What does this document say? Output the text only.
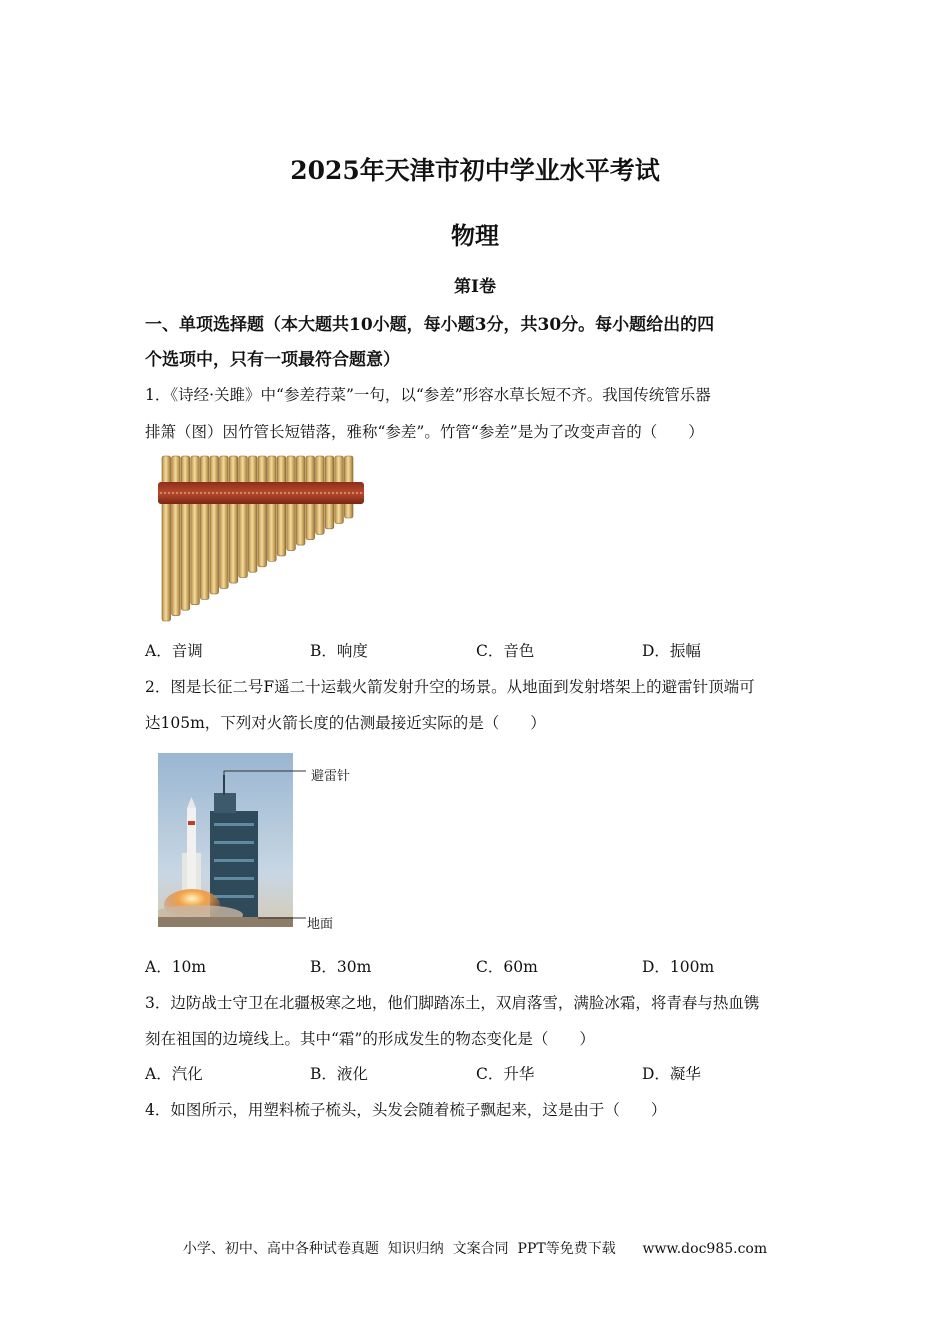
2025年天津市初中学业水平考试
物理
第Ⅰ卷
一、单项选择题（本大题共10小题，每小题3分，共30分。每小题给出的四
个选项中，只有一项最符合题意）
1．《诗经·关雎》中“参差荇菜”一句，以“参差”形容水草长短不齐。我国传统管乐器
排箫（图）因竹管长短错落，雅称“参差”。竹管“参差”是为了改变声音的（　　）
A．音调	B．响度	C．音色	D．振幅
2．图是长征二号F遥二十运载火箭发射升空的场景。从地面到发射塔架上的避雷针顶端可
达105m，下列对火箭长度的估测最接近实际的是（　　）
避雷针
地面
A．10m	B．30m	C．60m	D．100m
3．边防战士守卫在北疆极寒之地，他们脚踏冻土，双肩落雪，满脸冰霜，将青春与热血镌
刻在祖国的边境线上。其中“霜”的形成发生的物态变化是（　　）
A．汽化	B．液化	C．升华	D．凝华
4．如图所示，用塑料梳子梳头，头发会随着梳子飘起来，这是由于（　　）
小学、初中、高中各种试卷真题  知识归纳  文案合同  PPT等免费下载      www.doc985.com
